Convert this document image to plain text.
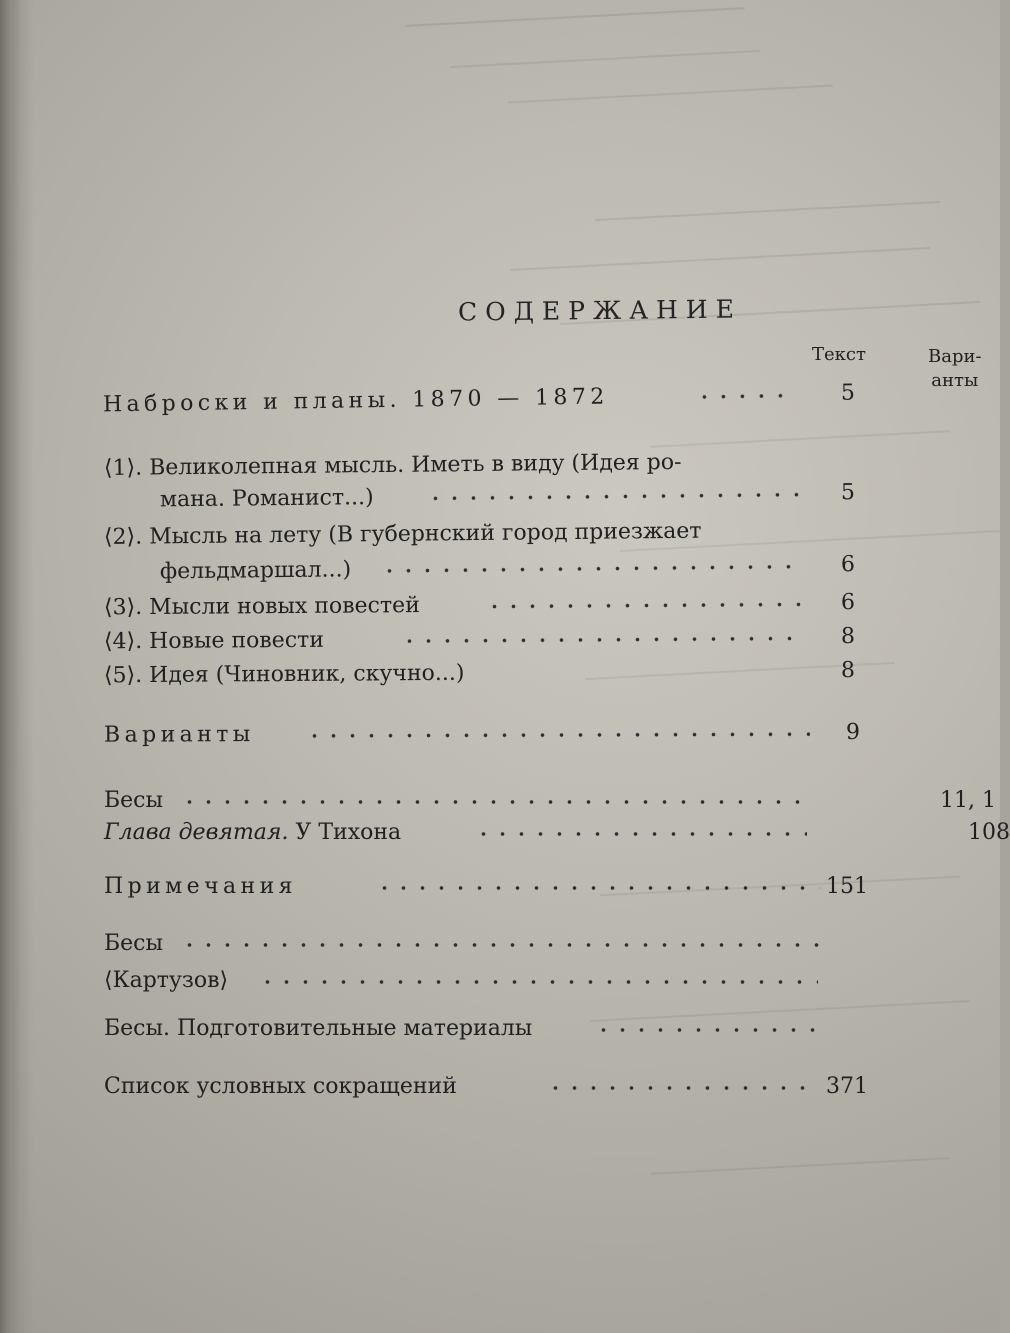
СОДЕРЖАНИЕ
Текст	Вари-
анты
Наброски и планы. 1870 — 1872	5
⟨1⟩. Великолепная мысль. Иметь в виду (Идея ро-
мана. Романист...)	5
⟨2⟩. Мысль на лету (В губернский город приезжает
фельдмаршал...)	6
⟨3⟩. Мысли новых повестей	6
⟨4⟩. Новые повести	8
⟨5⟩. Идея (Чиновник, скучно...)	8
Варианты	9
Бесы	11, 1
Глава девятая. У Тихона	108
Примечания	151
Бесы
⟨Картузов⟩
Бесы. Подготовительные материалы
Список условных сокращений	371
